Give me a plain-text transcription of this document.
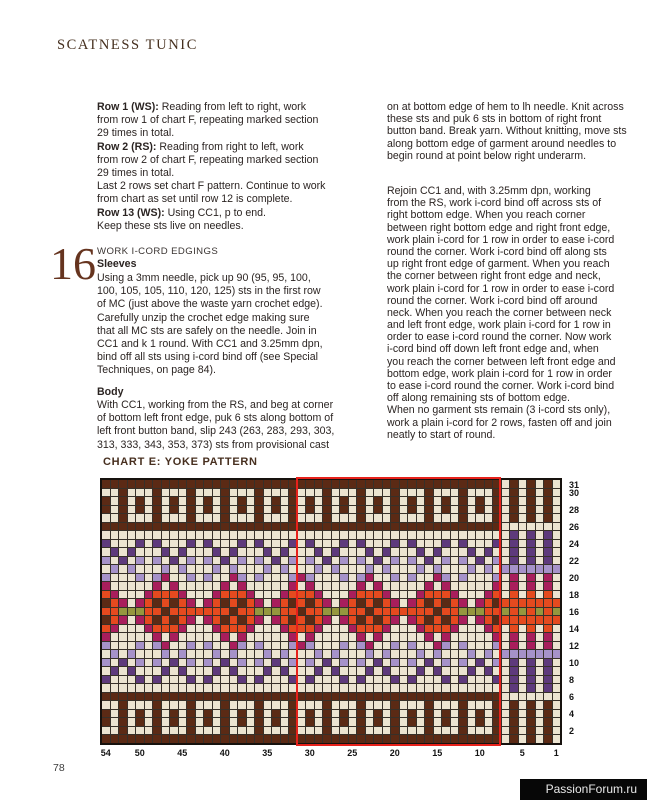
SCATNESS TUNIC
Row 1 (WS): Reading from left to right, work
from row 1 of chart F, repeating marked section
29 times in total.
Row 2 (RS): Reading from right to left, work
from row 2 of chart F, repeating marked section
29 times in total.
Last 2 rows set chart F pattern. Continue to work
from chart as set until row 12 is complete.
Row 13 (WS): Using CC1, p to end.
Keep these sts live on needles.
16 WORK I-CORD EDGINGS
Sleeves
Using a 3mm needle, pick up 90 (95, 95, 100,
100, 105, 105, 110, 120, 125) sts in the first row
of MC (just above the waste yarn crochet edge).
Carefully unzip the crochet edge making sure
that all MC sts are safely on the needle. Join in
CC1 and k 1 round. With CC1 and 3.25mm dpn,
bind off all sts using i-cord bind off (see Special
Techniques, on page 84).
Body
With CC1, working from the RS, and beg at corner
of bottom left front edge, puk 6 sts along bottom of
left front button band, slip 243 (263, 283, 293, 303,
313, 333, 343, 353, 373) sts from provisional cast
on at bottom edge of hem to lh needle. Knit across
these sts and puk 6 sts in bottom of right front
button band. Break yarn. Without knitting, move sts
along bottom edge of garment around needles to
begin round at point below right underarm.
Rejoin CC1 and, with 3.25mm dpn, working
from the RS, work i-cord bind off across sts of
right bottom edge. When you reach corner
between right bottom edge and right front edge,
work plain i-cord for 1 row in order to ease i-cord
round the corner. Work i-cord bind off along sts
up right front edge of garment. When you reach
the corner between right front edge and neck,
work plain i-cord for 1 row in order to ease i-cord
round the corner. Work i-cord bind off around
neck. When you reach the corner between neck
and left front edge, work plain i-cord for 1 row in
order to ease i-cord round the corner. Now work
i-cord bind off down left front edge and, when
you reach the corner between left front edge and
bottom edge, work plain i-cord for 1 row in order
to ease i-cord round the corner. Work i-cord bind
off along remaining sts of bottom edge.
When no garment sts remain (3 i-cord sts only),
work a plain i-cord for 2 rows, fasten off and join
neatly to start of round.
CHART E: YOKE PATTERN
31
30
28
26
24
22
20
18
16
14
12
10
8
6
4
2
54	50	45	40	35	30	25	20	15	10	5	1
78
PassionForum.ru
